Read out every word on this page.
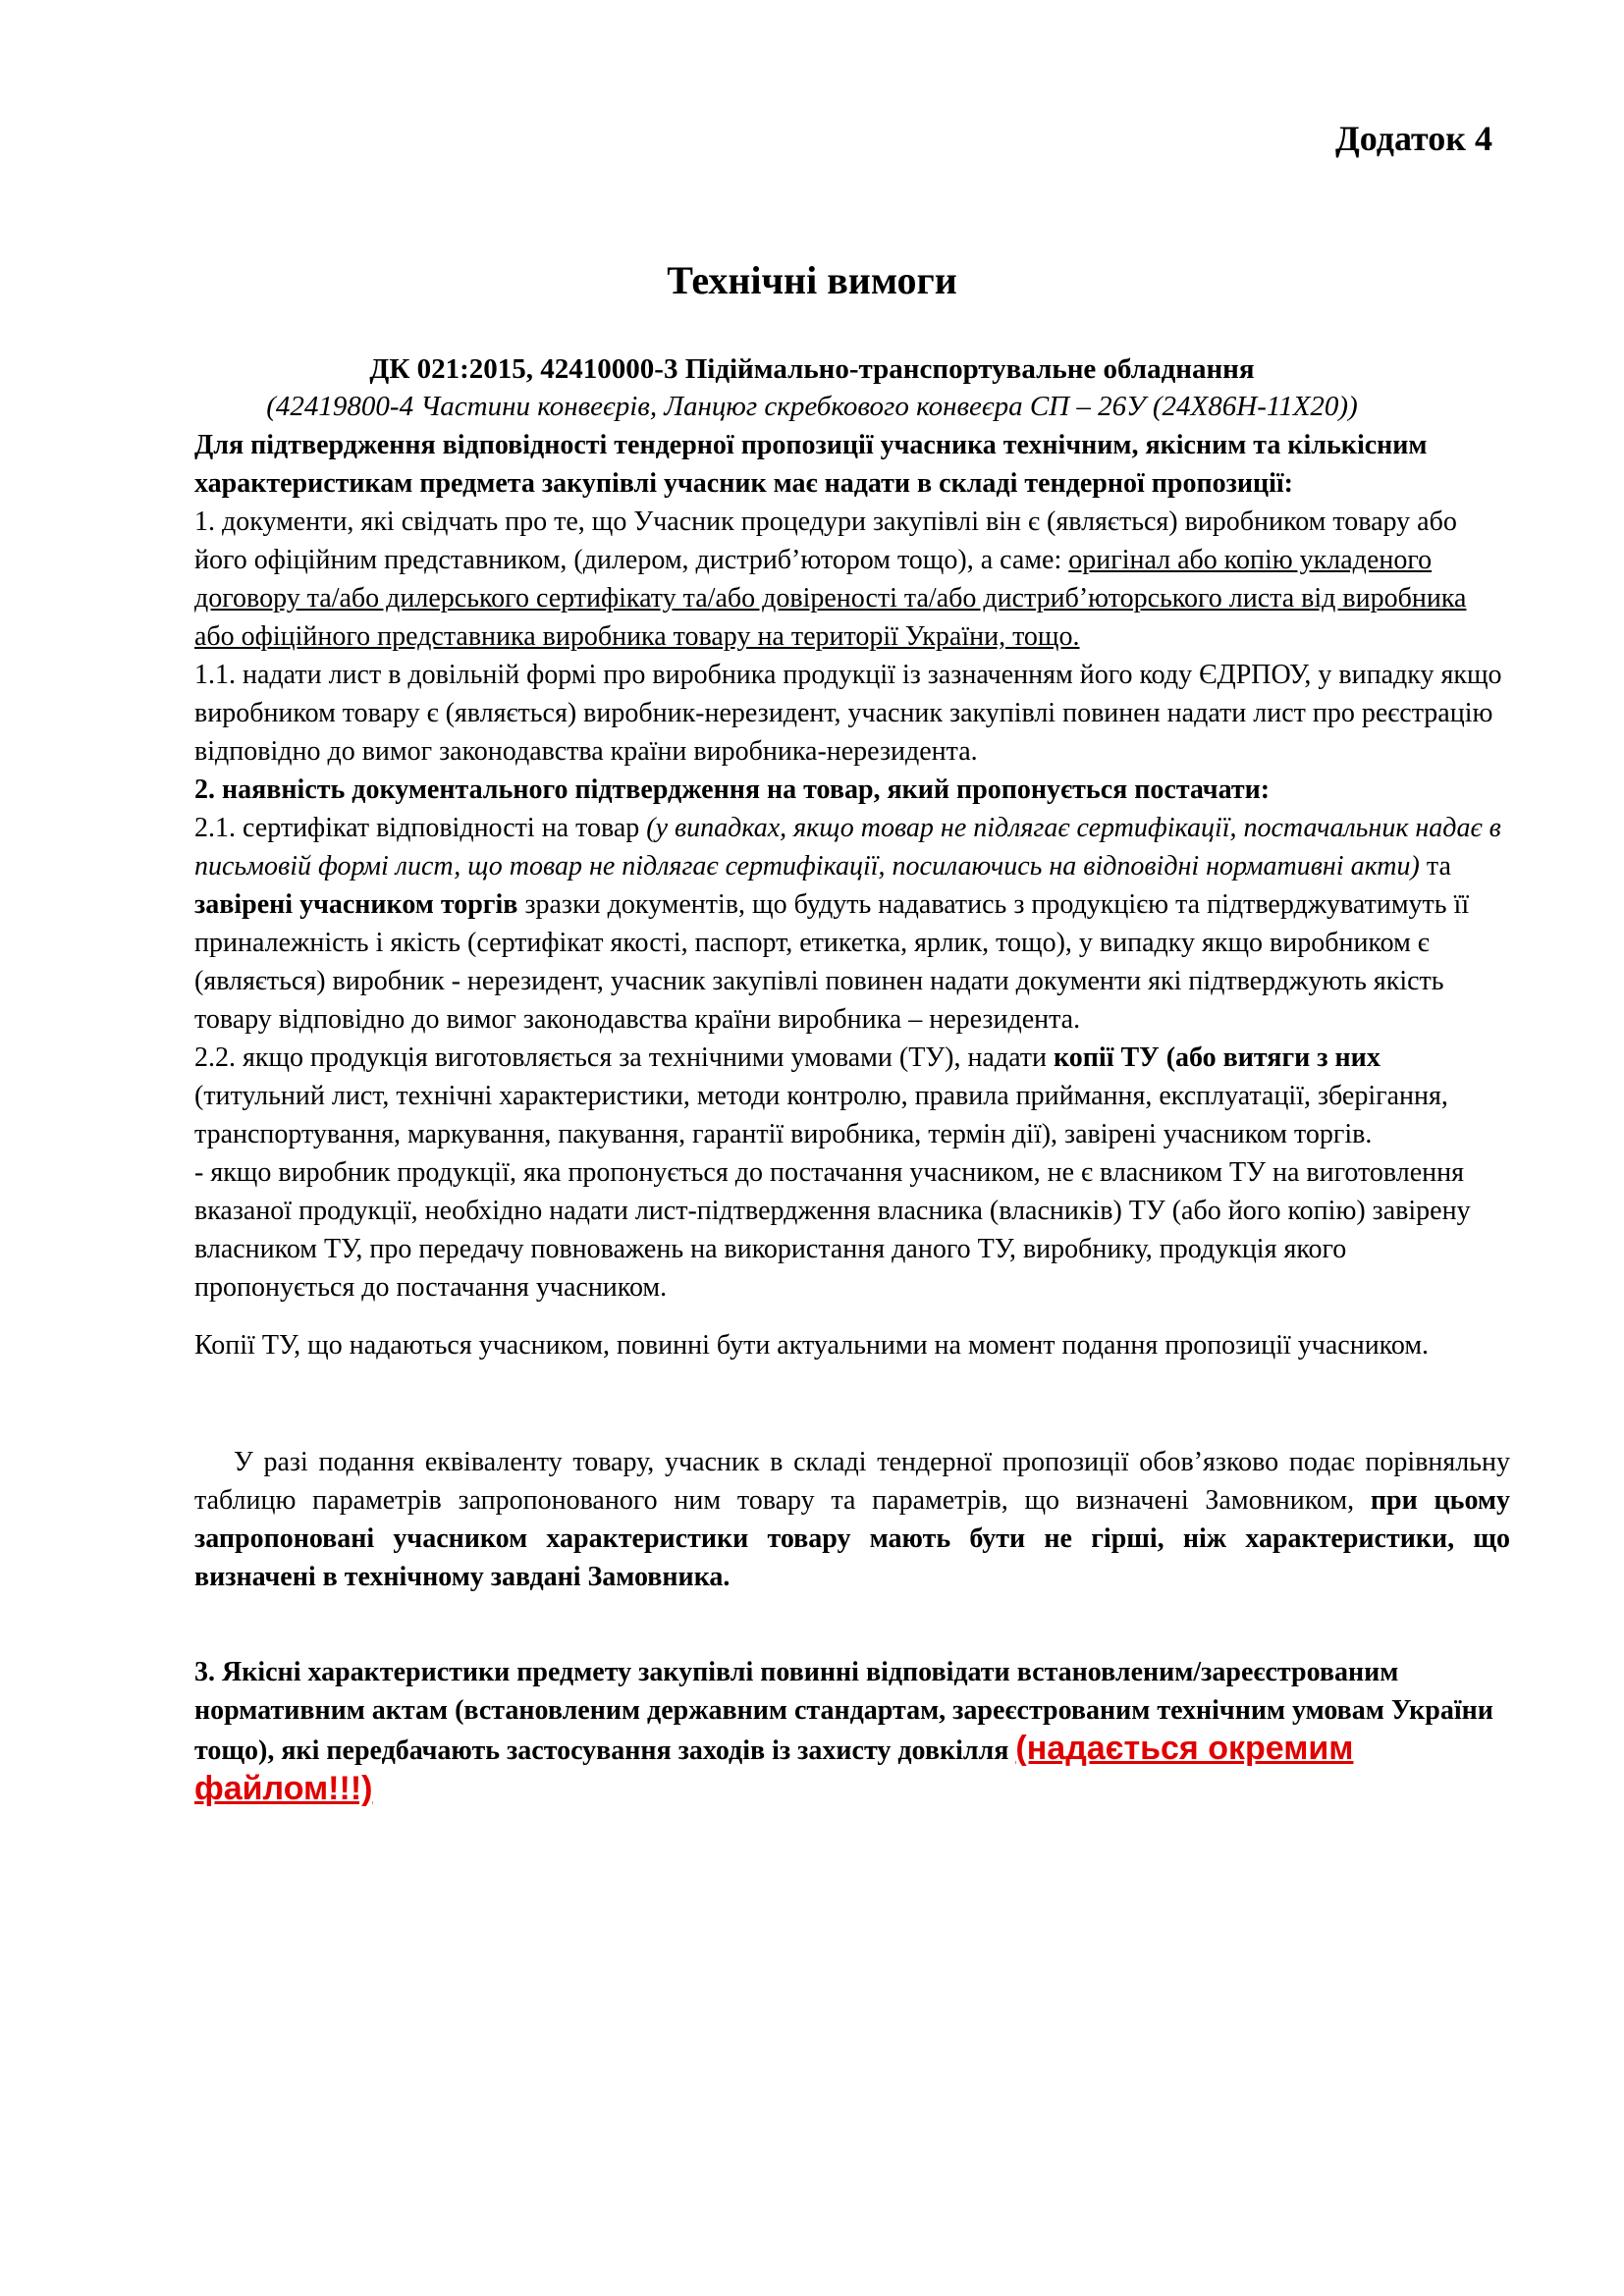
Додаток 4
Технічні вимоги
ДК 021:2015, 42410000-3 Підіймально-транспортувальне обладнання
(42419800-4 Частини конвеєрів, Ланцюг скребкового конвеєра СП – 26У (24Х86Н-11Х20))

Для підтвердження відповідності тендерної пропозиції учасника технічним, якісним та кількісним характеристикам предмета закупівлі учасник має надати в складі тендерної пропозиції:

1. документи, які свідчать про те, що Учасник процедури закупівлі він є (являється) виробником товару або його офіційним представником, (дилером, дистриб’ютором тощо), а саме: оригінал або копію укладеного договору та/або дилерського сертифікату та/або довіреності та/або дистриб’юторського листа від виробника або офіційного представника виробника товару на території України, тощо.

1.1. надати лист в довільній формі про виробника продукції із зазначенням його коду ЄДРПОУ, у випадку якщо виробником товару є (являється) виробник-нерезидент, учасник закупівлі повинен надати лист про реєстрацію відповідно до вимог законодавства країни виробника-нерезидента.

2. наявність документального підтвердження на товар, який пропонується постачати:

2.1. сертифікат відповідності на товар (у випадках, якщо товар не підлягає сертифікації, постачальник надає в письмовій формі лист, що товар не підлягає сертифікації, посилаючись на відповідні нормативні акти) та завірені учасником торгів зразки документів, що будуть надаватись з продукцією та підтверджуватимуть її приналежність і якість (сертифікат якості, паспорт, етикетка, ярлик, тощо), у випадку якщо виробником є (являється) виробник - нерезидент, учасник закупівлі повинен надати документи які підтверджують якість товару відповідно до вимог законодавства країни виробника – нерезидента.

2.2. якщо продукція виготовляється за технічними умовами (ТУ), надати копії ТУ (або витяги з них (титульний лист, технічні характеристики, методи контролю, правила приймання, експлуатації, зберігання, транспортування, маркування, пакування, гарантії виробника, термін дії), завірені учасником торгів.

- якщо виробник продукції, яка пропонується до постачання учасником, не є власником ТУ на виготовлення вказаної продукції, необхідно надати лист-підтвердження власника (власників) ТУ (або його копію) завірену власником ТУ, про передачу повноважень на використання даного ТУ, виробнику, продукція якого пропонується до постачання учасником.

Копії ТУ, що надаються учасником, повинні бути актуальними на момент подання пропозиції учасником.

У разі подання еквіваленту товару, учасник в складі тендерної пропозиції обов’язково подає порівняльну таблицю параметрів запропонованого ним товару та параметрів, що визначені Замовником, при цьому запропоновані учасником характеристики товару мають бути не гірші, ніж характеристики, що визначені в технічному завдані Замовника.

3. Якісні характеристики предмету закупівлі повинні відповідати встановленим/зареєстрованим нормативним актам (встановленим державним стандартам, зареєстрованим технічним умовам України тощо), які передбачають застосування заходів із захисту довкілля (надається окремим файлом!!!)
